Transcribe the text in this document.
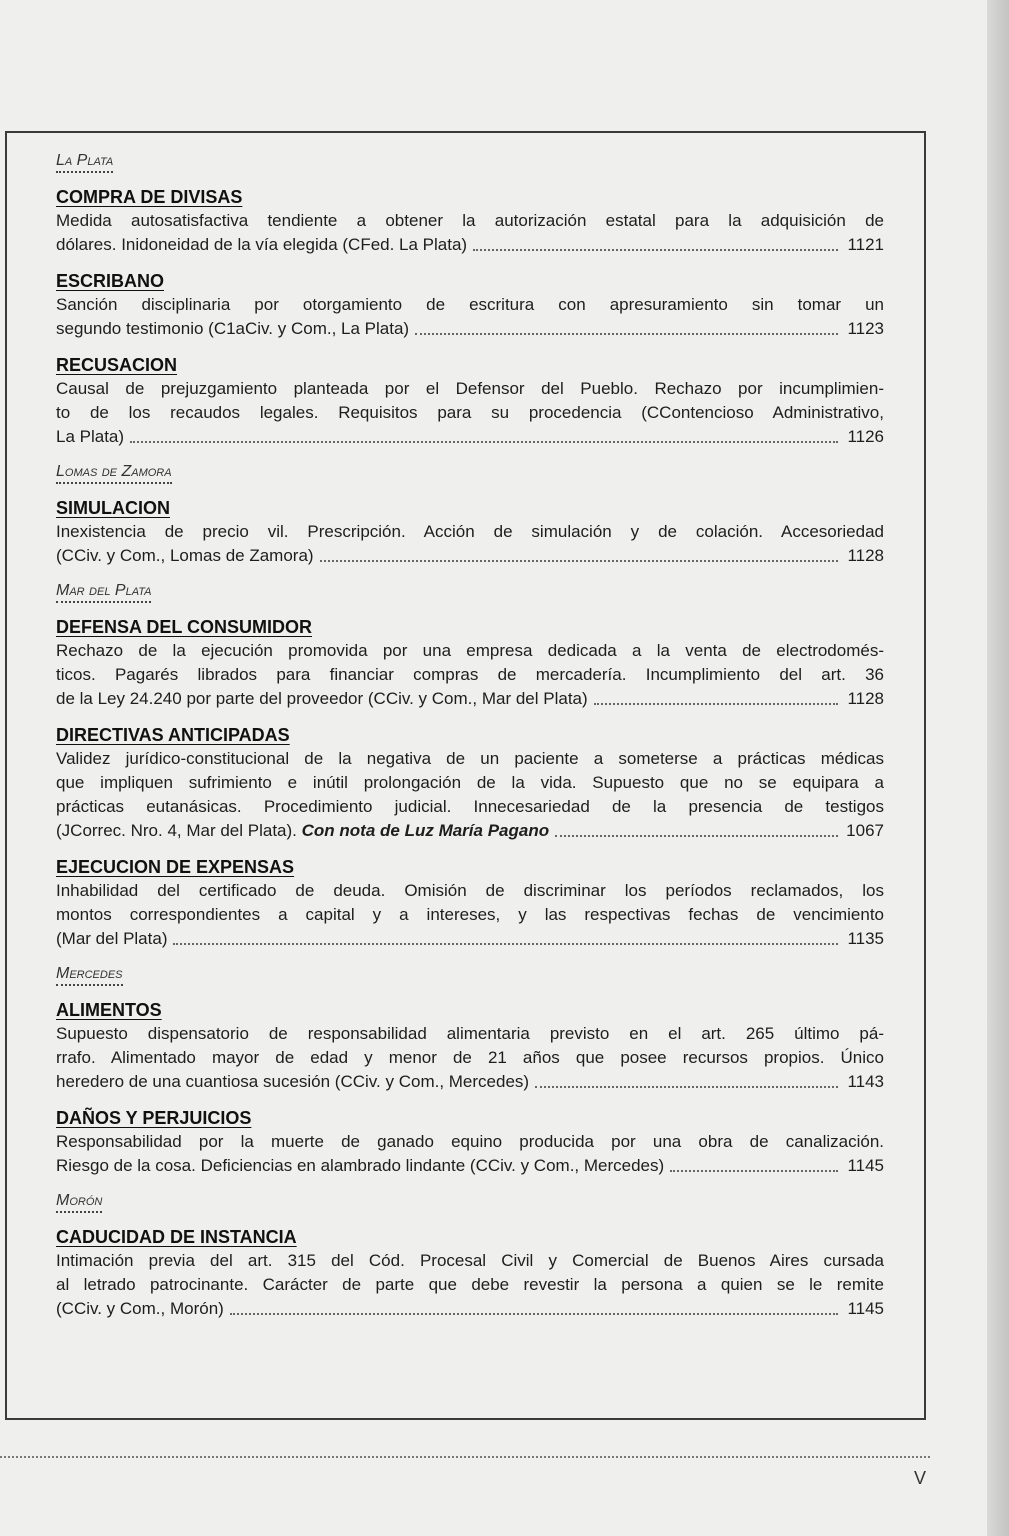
La Plata
COMPRA DE DIVISAS
Medida autosatisfactiva tendiente a obtener la autorización estatal para la adquisición de
dólares. Inidoneidad de la vía elegida (CFed. La Plata)	1121
ESCRIBANO
Sanción disciplinaria por otorgamiento de escritura con apresuramiento sin tomar un
segundo testimonio (C1aCiv. y Com., La Plata)	1123
RECUSACION
Causal de prejuzgamiento planteada por el Defensor del Pueblo. Rechazo por incumplimien-
to de los recaudos legales. Requisitos para su procedencia (CContencioso Administrativo,
La Plata)	1126
Lomas de Zamora
SIMULACION
Inexistencia de precio vil. Prescripción. Acción de simulación y de colación. Accesoriedad
(CCiv. y Com., Lomas de Zamora)	1128
Mar del Plata
DEFENSA DEL CONSUMIDOR
Rechazo de la ejecución promovida por una empresa dedicada a la venta de electrodomés-
ticos. Pagarés librados para financiar compras de mercadería. Incumplimiento del art. 36
de la Ley 24.240 por parte del proveedor (CCiv. y Com., Mar del Plata)	1128
DIRECTIVAS ANTICIPADAS
Validez jurídico-constitucional de la negativa de un paciente a someterse a prácticas médicas
que impliquen sufrimiento e inútil prolongación de la vida. Supuesto que no se equipara a
prácticas eutanásicas. Procedimiento judicial. Innecesariedad de la presencia de testigos
(JCorrec. Nro. 4, Mar del Plata). Con nota de Luz María Pagano	1067
EJECUCION DE EXPENSAS
Inhabilidad del certificado de deuda. Omisión de discriminar los períodos reclamados, los
montos correspondientes a capital y a intereses, y las respectivas fechas de vencimiento
(Mar del Plata)	1135
Mercedes
ALIMENTOS
Supuesto dispensatorio de responsabilidad alimentaria previsto en el art. 265 último pá-
rrafo. Alimentado mayor de edad y menor de 21 años que posee recursos propios. Único
heredero de una cuantiosa sucesión (CCiv. y Com., Mercedes)	1143
DAÑOS Y PERJUICIOS
Responsabilidad por la muerte de ganado equino producida por una obra de canalización.
Riesgo de la cosa. Deficiencias en alambrado lindante (CCiv. y Com., Mercedes)	1145
Morón
CADUCIDAD DE INSTANCIA
Intimación previa del art. 315 del Cód. Procesal Civil y Comercial de Buenos Aires cursada
al letrado patrocinante. Carácter de parte que debe revestir la persona a quien se le remite
(CCiv. y Com., Morón)	1145
V
